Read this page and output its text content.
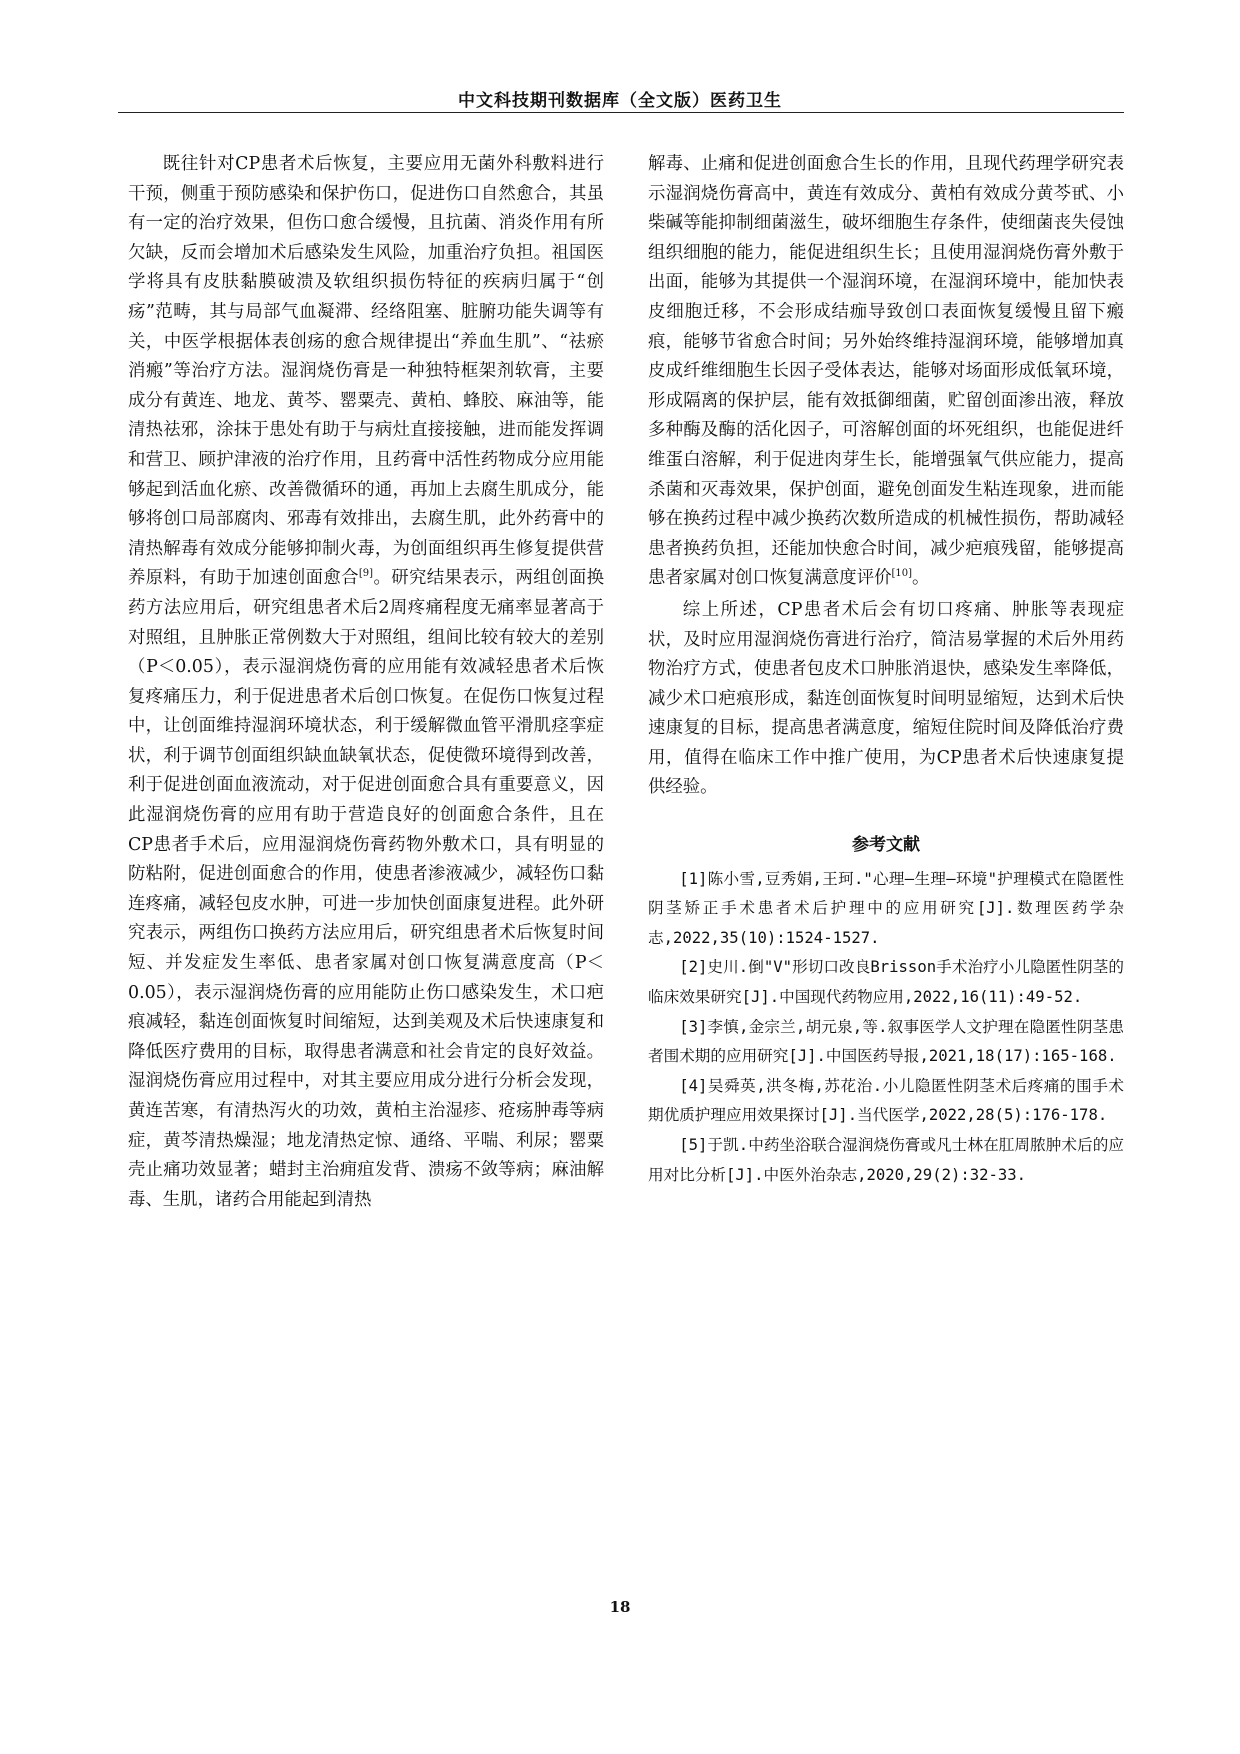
中文科技期刊数据库（全文版）医药卫生

既往针对CP患者术后恢复，主要应用无菌外科敷料进行干预，侧重于预防感染和保护伤口，促进伤口自然愈合，其虽有一定的治疗效果，但伤口愈合缓慢，且抗菌、消炎作用有所欠缺，反而会增加术后感染发生风险，加重治疗负担。祖国医学将具有皮肤黏膜破溃及软组织损伤特征的疾病归属于“创疡”范畴，其与局部气血凝滞、经络阻塞、脏腑功能失调等有关，中医学根据体表创疡的愈合规律提出“养血生肌”、“祛瘀消瘢”等治疗方法。湿润烧伤膏是一种独特框架剂软膏，主要成分有黄连、地龙、黄芩、罂粟壳、黄柏、蜂胶、麻油等，能清热祛邪，涂抹于患处有助于与病灶直接接触，进而能发挥调和营卫、顾护津液的治疗作用，且药膏中活性药物成分应用能够起到活血化瘀、改善微循环的通，再加上去腐生肌成分，能够将创口局部腐肉、邪毒有效排出，去腐生肌，此外药膏中的清热解毒有效成分能够抑制火毒，为创面组织再生修复提供营养原料，有助于加速创面愈合[9]。研究结果表示，两组创面换药方法应用后，研究组患者术后2周疼痛程度无痛率显著高于对照组，且肿胀正常例数大于对照组，组间比较有较大的差别（P＜0.05），表示湿润烧伤膏的应用能有效减轻患者术后恢复疼痛压力，利于促进患者术后创口恢复。在促伤口恢复过程中，让创面维持湿润环境状态，利于缓解微血管平滑肌痉挛症状，利于调节创面组织缺血缺氧状态，促使微环境得到改善，利于促进创面血液流动，对于促进创面愈合具有重要意义，因此湿润烧伤膏的应用有助于营造良好的创面愈合条件，且在CP患者手术后，应用湿润烧伤膏药物外敷术口，具有明显的防粘附，促进创面愈合的作用，使患者渗液减少，减轻伤口黏连疼痛，减轻包皮水肿，可进一步加快创面康复进程。此外研究表示，两组伤口换药方法应用后，研究组患者术后恢复时间短、并发症发生率低、患者家属对创口恢复满意度高（P＜0.05），表示湿润烧伤膏的应用能防止伤口感染发生，术口疤痕减轻，黏连创面恢复时间缩短，达到美观及术后快速康复和降低医疗费用的目标，取得患者满意和社会肯定的良好效益。湿润烧伤膏应用过程中，对其主要应用成分进行分析会发现，黄连苦寒，有清热泻火的功效，黄柏主治湿疹、疮疡肿毒等病症，黄芩清热燥湿；地龙清热定惊、通络、平喘、利尿；罂粟壳止痛功效显著；蜡封主治痈疽发背、溃疡不敛等病；麻油解毒、生肌，诸药合用能起到清热

解毒、止痛和促进创面愈合生长的作用，且现代药理学研究表示湿润烧伤膏高中，黄连有效成分、黄柏有效成分黄芩甙、小柴碱等能抑制细菌滋生，破坏细胞生存条件，使细菌丧失侵蚀组织细胞的能力，能促进组织生长；且使用湿润烧伤膏外敷于出面，能够为其提供一个湿润环境，在湿润环境中，能加快表皮细胞迁移，不会形成结痂导致创口表面恢复缓慢且留下瘢痕，能够节省愈合时间；另外始终维持湿润环境，能够增加真皮成纤维细胞生长因子受体表达，能够对场面形成低氧环境，形成隔离的保护层，能有效抵御细菌，贮留创面渗出液，释放多种酶及酶的活化因子，可溶解创面的坏死组织，也能促进纤维蛋白溶解，利于促进肉芽生长，能增强氧气供应能力，提高杀菌和灭毒效果，保护创面，避免创面发生粘连现象，进而能够在换药过程中减少换药次数所造成的机械性损伤，帮助减轻患者换药负担，还能加快愈合时间，减少疤痕残留，能够提高患者家属对创口恢复满意度评价[10]。

综上所述，CP患者术后会有切口疼痛、肿胀等表现症状，及时应用湿润烧伤膏进行治疗，简洁易掌握的术后外用药物治疗方式，使患者包皮术口肿胀消退快，感染发生率降低，减少术口疤痕形成，黏连创面恢复时间明显缩短，达到术后快速康复的目标，提高患者满意度，缩短住院时间及降低治疗费用，值得在临床工作中推广使用，为CP患者术后快速康复提供经验。

参考文献

[1]陈小雪,豆秀娟,王珂."心理—生理—环境"护理模式在隐匿性阴茎矫正手术患者术后护理中的应用研究[J].数理医药学杂志,2022,35(10):1524-1527.

[2]史川.倒"V"形切口改良Brisson手术治疗小儿隐匿性阴茎的临床效果研究[J].中国现代药物应用,2022,16(11):49-52.

[3]李慎,金宗兰,胡元泉,等.叙事医学人文护理在隐匿性阴茎患者围术期的应用研究[J].中国医药导报,2021,18(17):165-168.

[4]吴舜英,洪冬梅,苏花治.小儿隐匿性阴茎术后疼痛的围手术期优质护理应用效果探讨[J].当代医学,2022,28(5):176-178.

[5]于凯.中药坐浴联合湿润烧伤膏或凡士林在肛周脓肿术后的应用对比分析[J].中医外治杂志,2020,29(2):32-33.

18
